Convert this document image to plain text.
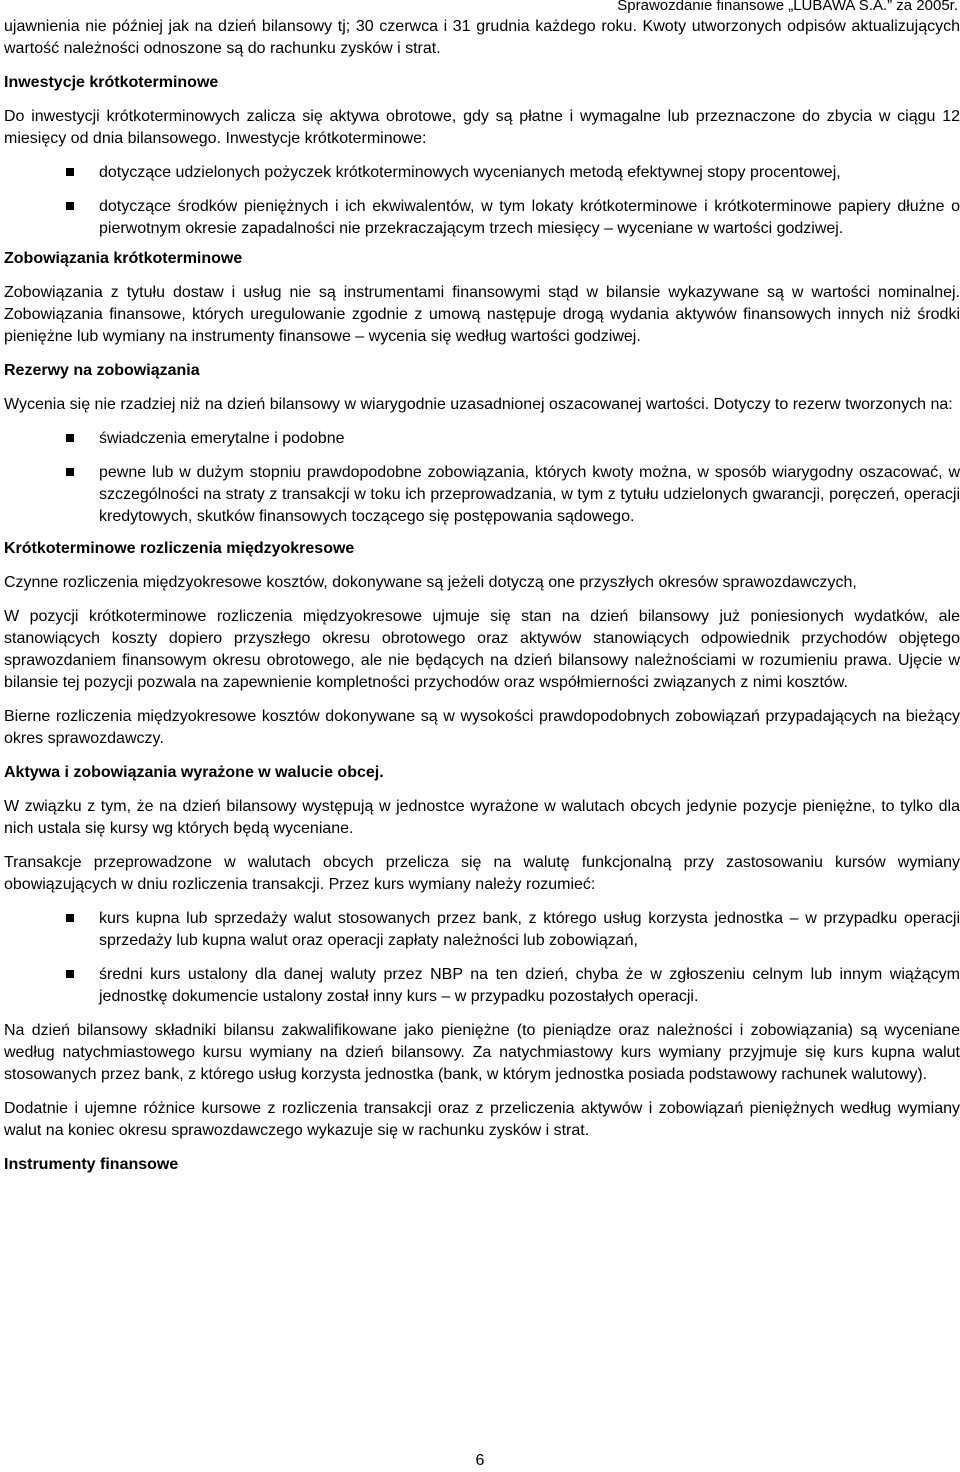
Sprawozdanie finansowe „LUBAWA S.A.” za 2005r.

ujawnienia nie później jak na dzień bilansowy tj; 30 czerwca i 31 grudnia każdego roku. Kwoty utworzonych odpisów aktualizujących wartość należności odnoszone są do rachunku zysków i strat.

Inwestycje krótkoterminowe

Do inwestycji krótkoterminowych zalicza się aktywa obrotowe, gdy są płatne i wymagalne lub przeznaczone do zbycia w ciągu 12 miesięcy od dnia bilansowego. Inwestycje krótkoterminowe:

dotyczące udzielonych pożyczek krótkoterminowych wycenianych metodą efektywnej stopy procentowej,
dotyczące środków pieniężnych i ich ekwiwalentów, w tym lokaty krótkoterminowe i krótkoterminowe papiery dłużne o pierwotnym okresie zapadalności nie przekraczającym trzech miesięcy – wyceniane w wartości godziwej.
Zobowiązania krótkoterminowe

Zobowiązania z tytułu dostaw i usług nie są instrumentami finansowymi stąd w bilansie wykazywane są w wartości nominalnej. Zobowiązania finansowe, których uregulowanie zgodnie z umową następuje drogą wydania aktywów finansowych innych niż środki pieniężne lub wymiany na instrumenty finansowe – wycenia się według wartości godziwej.

Rezerwy na zobowiązania

Wycenia się nie rzadziej niż na dzień bilansowy w wiarygodnie uzasadnionej oszacowanej wartości. Dotyczy to rezerw tworzonych na:

świadczenia emerytalne i podobne
pewne lub w dużym stopniu prawdopodobne zobowiązania, których kwoty można, w sposób wiarygodny oszacować, w szczególności na straty z transakcji w toku ich przeprowadzania, w tym z tytułu udzielonych gwarancji, poręczeń, operacji kredytowych, skutków finansowych toczącego się postępowania sądowego.
Krótkoterminowe rozliczenia międzyokresowe

Czynne rozliczenia międzyokresowe kosztów, dokonywane są jeżeli dotyczą one przyszłych okresów sprawozdawczych,

W pozycji krótkoterminowe rozliczenia międzyokresowe ujmuje się stan na dzień bilansowy już poniesionych wydatków, ale stanowiących koszty dopiero przyszłego okresu obrotowego oraz aktywów stanowiących odpowiednik przychodów objętego sprawozdaniem finansowym okresu obrotowego, ale nie będących na dzień bilansowy należnościami w rozumieniu prawa. Ujęcie w bilansie tej pozycji pozwala na zapewnienie kompletności przychodów oraz współmierności związanych z nimi kosztów.

Bierne rozliczenia międzyokresowe kosztów dokonywane są w wysokości prawdopodobnych zobowiązań przypadających na bieżący okres sprawozdawczy.

Aktywa i zobowiązania wyrażone w walucie obcej.

W związku z tym, że na dzień bilansowy występują w jednostce wyrażone w walutach obcych jedynie pozycje pieniężne, to tylko dla nich ustala się kursy wg których będą wyceniane.

Transakcje przeprowadzone w walutach obcych przelicza się na walutę funkcjonalną przy zastosowaniu kursów wymiany obowiązujących w dniu rozliczenia transakcji. Przez kurs wymiany należy rozumieć:

kurs kupna lub sprzedaży walut stosowanych przez bank, z którego usług korzysta jednostka – w przypadku operacji sprzedaży lub kupna walut oraz operacji zapłaty należności lub zobowiązań,
średni kurs ustalony dla danej waluty przez NBP na ten dzień, chyba że w zgłoszeniu celnym lub innym wiążącym jednostkę dokumencie ustalony został inny kurs – w przypadku pozostałych operacji.

Na dzień bilansowy składniki bilansu zakwalifikowane jako pieniężne (to pieniądze oraz należności i zobowiązania) są wyceniane według natychmiastowego kursu wymiany na dzień bilansowy. Za natychmiastowy kurs wymiany przyjmuje się kurs kupna walut stosowanych przez bank, z którego usług korzysta jednostka (bank, w którym jednostka posiada podstawowy rachunek walutowy).

Dodatnie i ujemne różnice kursowe z rozliczenia transakcji oraz z przeliczenia aktywów i zobowiązań pieniężnych według wymiany walut na koniec okresu sprawozdawczego wykazuje się w rachunku zysków i strat.

Instrumenty finansowe
6
